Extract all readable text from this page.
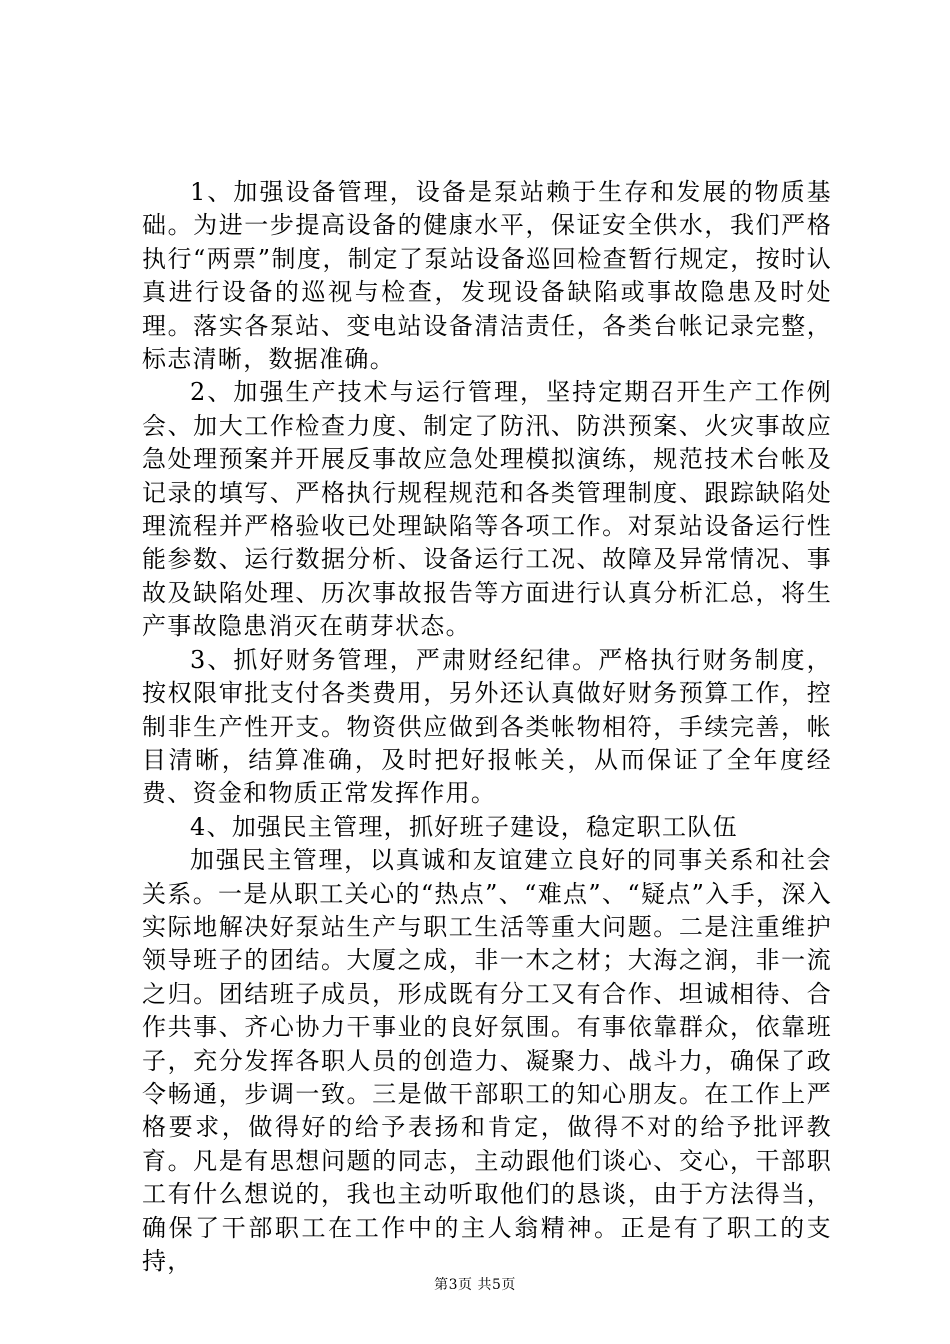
1、加强设备管理，设备是泵站赖于生存和发展的物质基础。为进一步提高设备的健康水平，保证安全供水，我们严格执行“两票”制度，制定了泵站设备巡回检查暂行规定，按时认真进行设备的巡视与检查，发现设备缺陷或事故隐患及时处理。落实各泵站、变电站设备清洁责任，各类台帐记录完整，标志清晰，数据准确。

2、加强生产技术与运行管理，坚持定期召开生产工作例会、加大工作检查力度、制定了防汛、防洪预案、火灾事故应急处理预案并开展反事故应急处理模拟演练，规范技术台帐及记录的填写、严格执行规程规范和各类管理制度、跟踪缺陷处理流程并严格验收已处理缺陷等各项工作。对泵站设备运行性能参数、运行数据分析、设备运行工况、故障及异常情况、事故及缺陷处理、历次事故报告等方面进行认真分析汇总，将生产事故隐患消灭在萌芽状态。

3、抓好财务管理，严肃财经纪律。严格执行财务制度，按权限审批支付各类费用，另外还认真做好财务预算工作，控制非生产性开支。物资供应做到各类帐物相符，手续完善，帐目清晰，结算准确，及时把好报帐关，从而保证了全年度经费、资金和物质正常发挥作用。

4、加强民主管理，抓好班子建设，稳定职工队伍

加强民主管理，以真诚和友谊建立良好的同事关系和社会关系。一是从职工关心的“热点”、“难点”、“疑点”入手，深入实际地解决好泵站生产与职工生活等重大问题。二是注重维护领导班子的团结。大厦之成，非一木之材；大海之润，非一流之归。团结班子成员，形成既有分工又有合作、坦诚相待、合作共事、齐心协力干事业的良好氛围。有事依靠群众，依靠班子，充分发挥各职人员的创造力、凝聚力、战斗力，确保了政令畅通，步调一致。三是做干部职工的知心朋友。在工作上严格要求，做得好的给予表扬和肯定，做得不对的给予批评教育。凡是有思想问题的同志，主动跟他们谈心、交心，干部职工有什么想说的，我也主动听取他们的恳谈，由于方法得当，确保了干部职工在工作中的主人翁精神。正是有了职工的支持，

第3页 共5页
